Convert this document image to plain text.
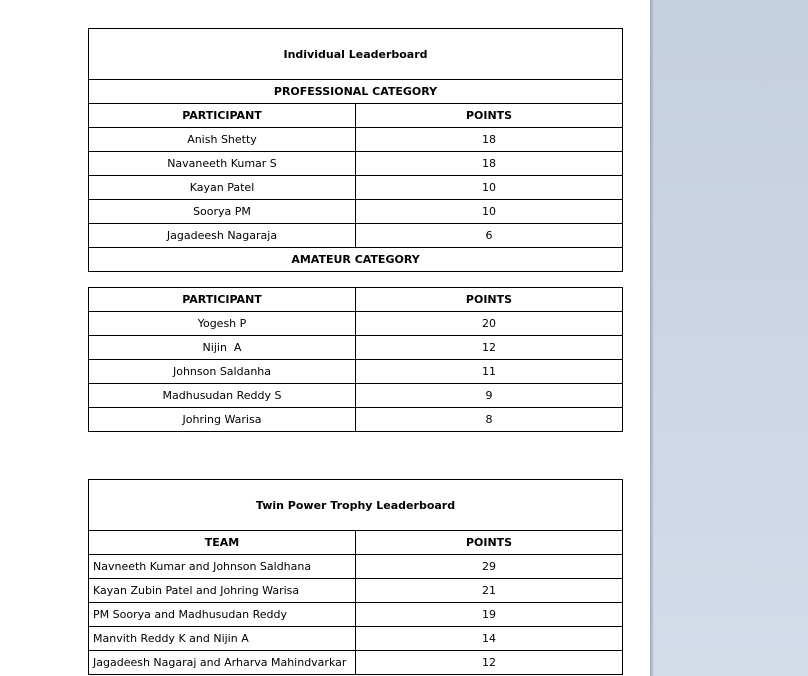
Individual Leaderboard	
PROFESSIONAL CATEGORY	
PARTICIPANT	POINTS
Anish Shetty	18
Navaneeth Kumar S	18
Kayan Patel	10
Soorya PM	10
Jagadeesh Nagaraja	6
AMATEUR CATEGORY	
PARTICIPANT	POINTS
Yogesh P	20
Nijin  A	12
Johnson Saldanha	11
Madhusudan Reddy S	9
Johring Warisa	8
Twin Power Trophy Leaderboard	
TEAM	POINTS
Navneeth Kumar and Johnson Saldhana	29
Kayan Zubin Patel and Johring Warisa	21
PM Soorya and Madhusudan Reddy	19
Manvith Reddy K and Nijin A	14
Jagadeesh Nagaraj and Arharva Mahindvarkar	12
